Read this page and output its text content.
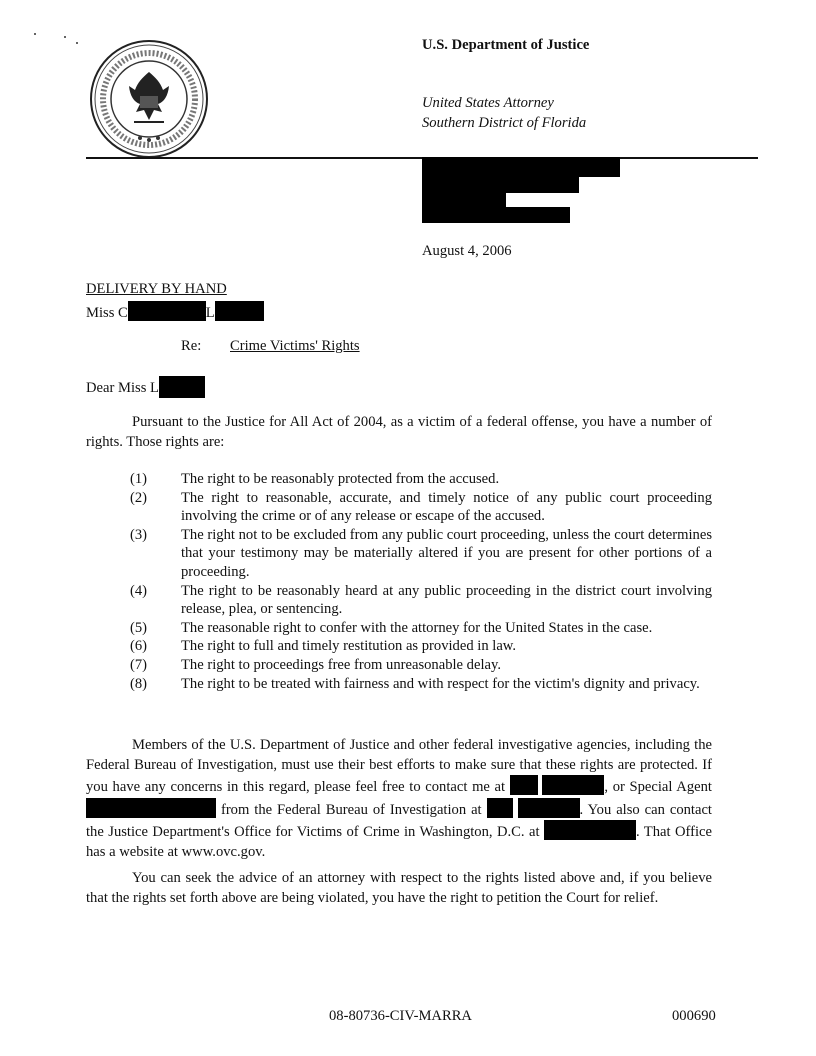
U.S. Department of Justice
United States Attorney
Southern District of Florida
August 4, 2006
DELIVERY BY HAND
Miss C	L
Re: Crime Victims' Rights
Dear Miss L
Pursuant to the Justice for All Act of 2004, as a victim of a federal offense, you have a number of rights. Those rights are:
(1)	The right to be reasonably protected from the accused.
(2)	The right to reasonable, accurate, and timely notice of any public court proceeding involving the crime or of any release or escape of the accused.
(3)	The right not to be excluded from any public court proceeding, unless the court determines that your testimony may be materially altered if you are present for other portions of a proceeding.
(4)	The right to be reasonably heard at any public proceeding in the district court involving release, plea, or sentencing.
(5)	The reasonable right to confer with the attorney for the United States in the case.
(6)	The right to full and timely restitution as provided in law.
(7)	The right to proceedings free from unreasonable delay.
(8)	The right to be treated with fairness and with respect for the victim's dignity and privacy.
Members of the U.S. Department of Justice and other federal investigative agencies, including the Federal Bureau of Investigation, must use their best efforts to make sure that these rights are protected. If you have any concerns in this regard, please feel free to contact me at	, or Special Agent  from the Federal Bureau of Investigation at	. You also can contact the Justice Department's Office for Victims of Crime in Washington, D.C. at	. That Office has a website at www.ovc.gov.
You can seek the advice of an attorney with respect to the rights listed above and, if you believe that the rights set forth above are being violated, you have the right to petition the Court for relief.
08-80736-CIV-MARRA	000690
